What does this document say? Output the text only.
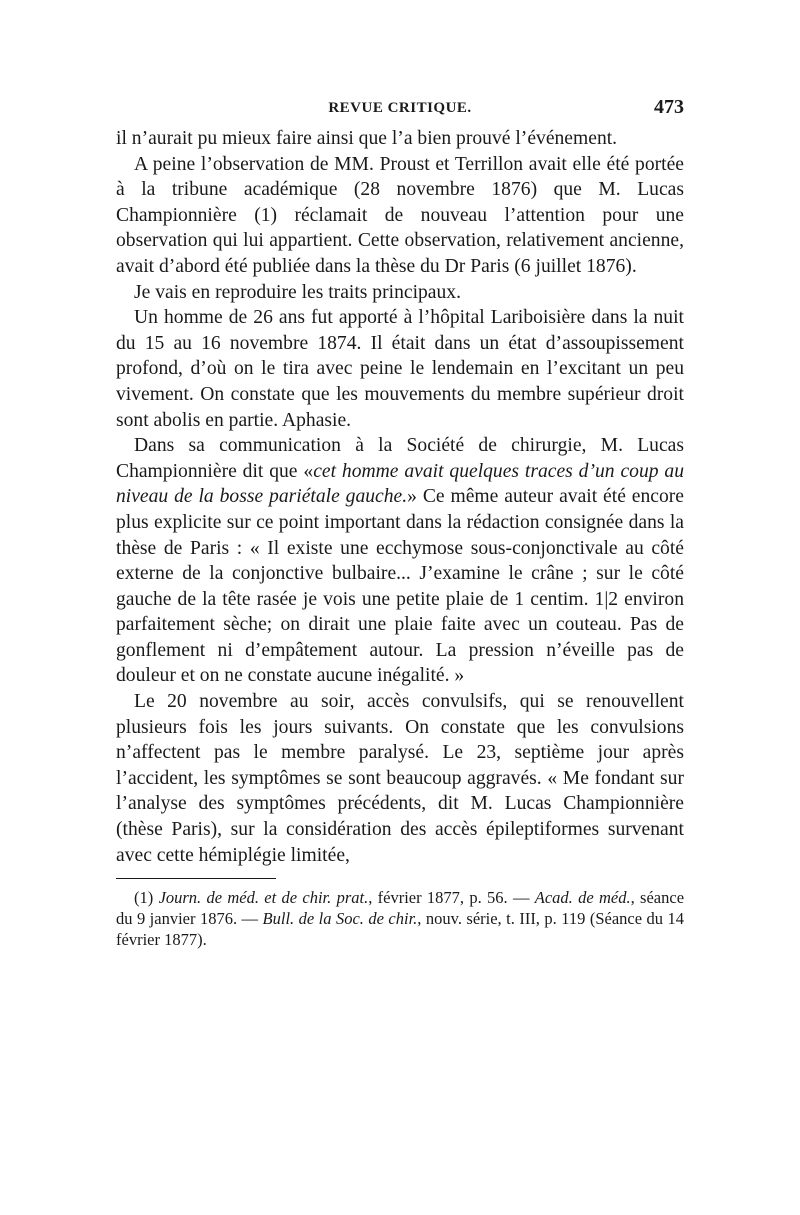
REVUE CRITIQUE.	473

il n’aurait pu mieux faire ainsi que l’a bien prouvé l’événement.

A peine l’observation de MM. Proust et Terrillon avait elle été portée à la tribune académique (28 novembre 1876) que M. Lucas Championnière (1) réclamait de nouveau l’attention pour une observation qui lui appartient. Cette observation, relativement ancienne, avait d’abord été publiée dans la thèse du Dr Paris (6 juillet 1876).

Je vais en reproduire les traits principaux.

Un homme de 26 ans fut apporté à l’hôpital Lariboisière dans la nuit du 15 au 16 novembre 1874. Il était dans un état d’assoupissement profond, d’où on le tira avec peine le lendemain en l’excitant un peu vivement. On constate que les mouvements du membre supérieur droit sont abolis en partie. Aphasie.

Dans sa communication à la Société de chirurgie, M. Lucas Championnière dit que «cet homme avait quelques traces d’un coup au niveau de la bosse pariétale gauche.» Ce même auteur avait été encore plus explicite sur ce point important dans la rédaction consignée dans la thèse de Paris : « Il existe une ecchymose sous-conjonctivale au côté externe de la conjonctive bulbaire... J’examine le crâne ; sur le côté gauche de la tête rasée je vois une petite plaie de 1 centim. 1|2 environ parfaitement sèche; on dirait une plaie faite avec un couteau. Pas de gonflement ni d’empâtement autour. La pression n’éveille pas de douleur et on ne constate aucune inégalité. »

Le 20 novembre au soir, accès convulsifs, qui se renouvellent plusieurs fois les jours suivants. On constate que les convulsions n’affectent pas le membre paralysé. Le 23, septième jour après l’accident, les symptômes se sont beaucoup aggravés. « Me fondant sur l’analyse des symptômes précédents, dit M. Lucas Championnière (thèse Paris), sur la considération des accès épileptiformes survenant avec cette hémiplégie limitée,

(1) Journ. de méd. et de chir. prat., février 1877, p. 56. — Acad. de méd., séance du 9 janvier 1876. — Bull. de la Soc. de chir., nouv. série, t. III, p. 119 (Séance du 14 février 1877).
